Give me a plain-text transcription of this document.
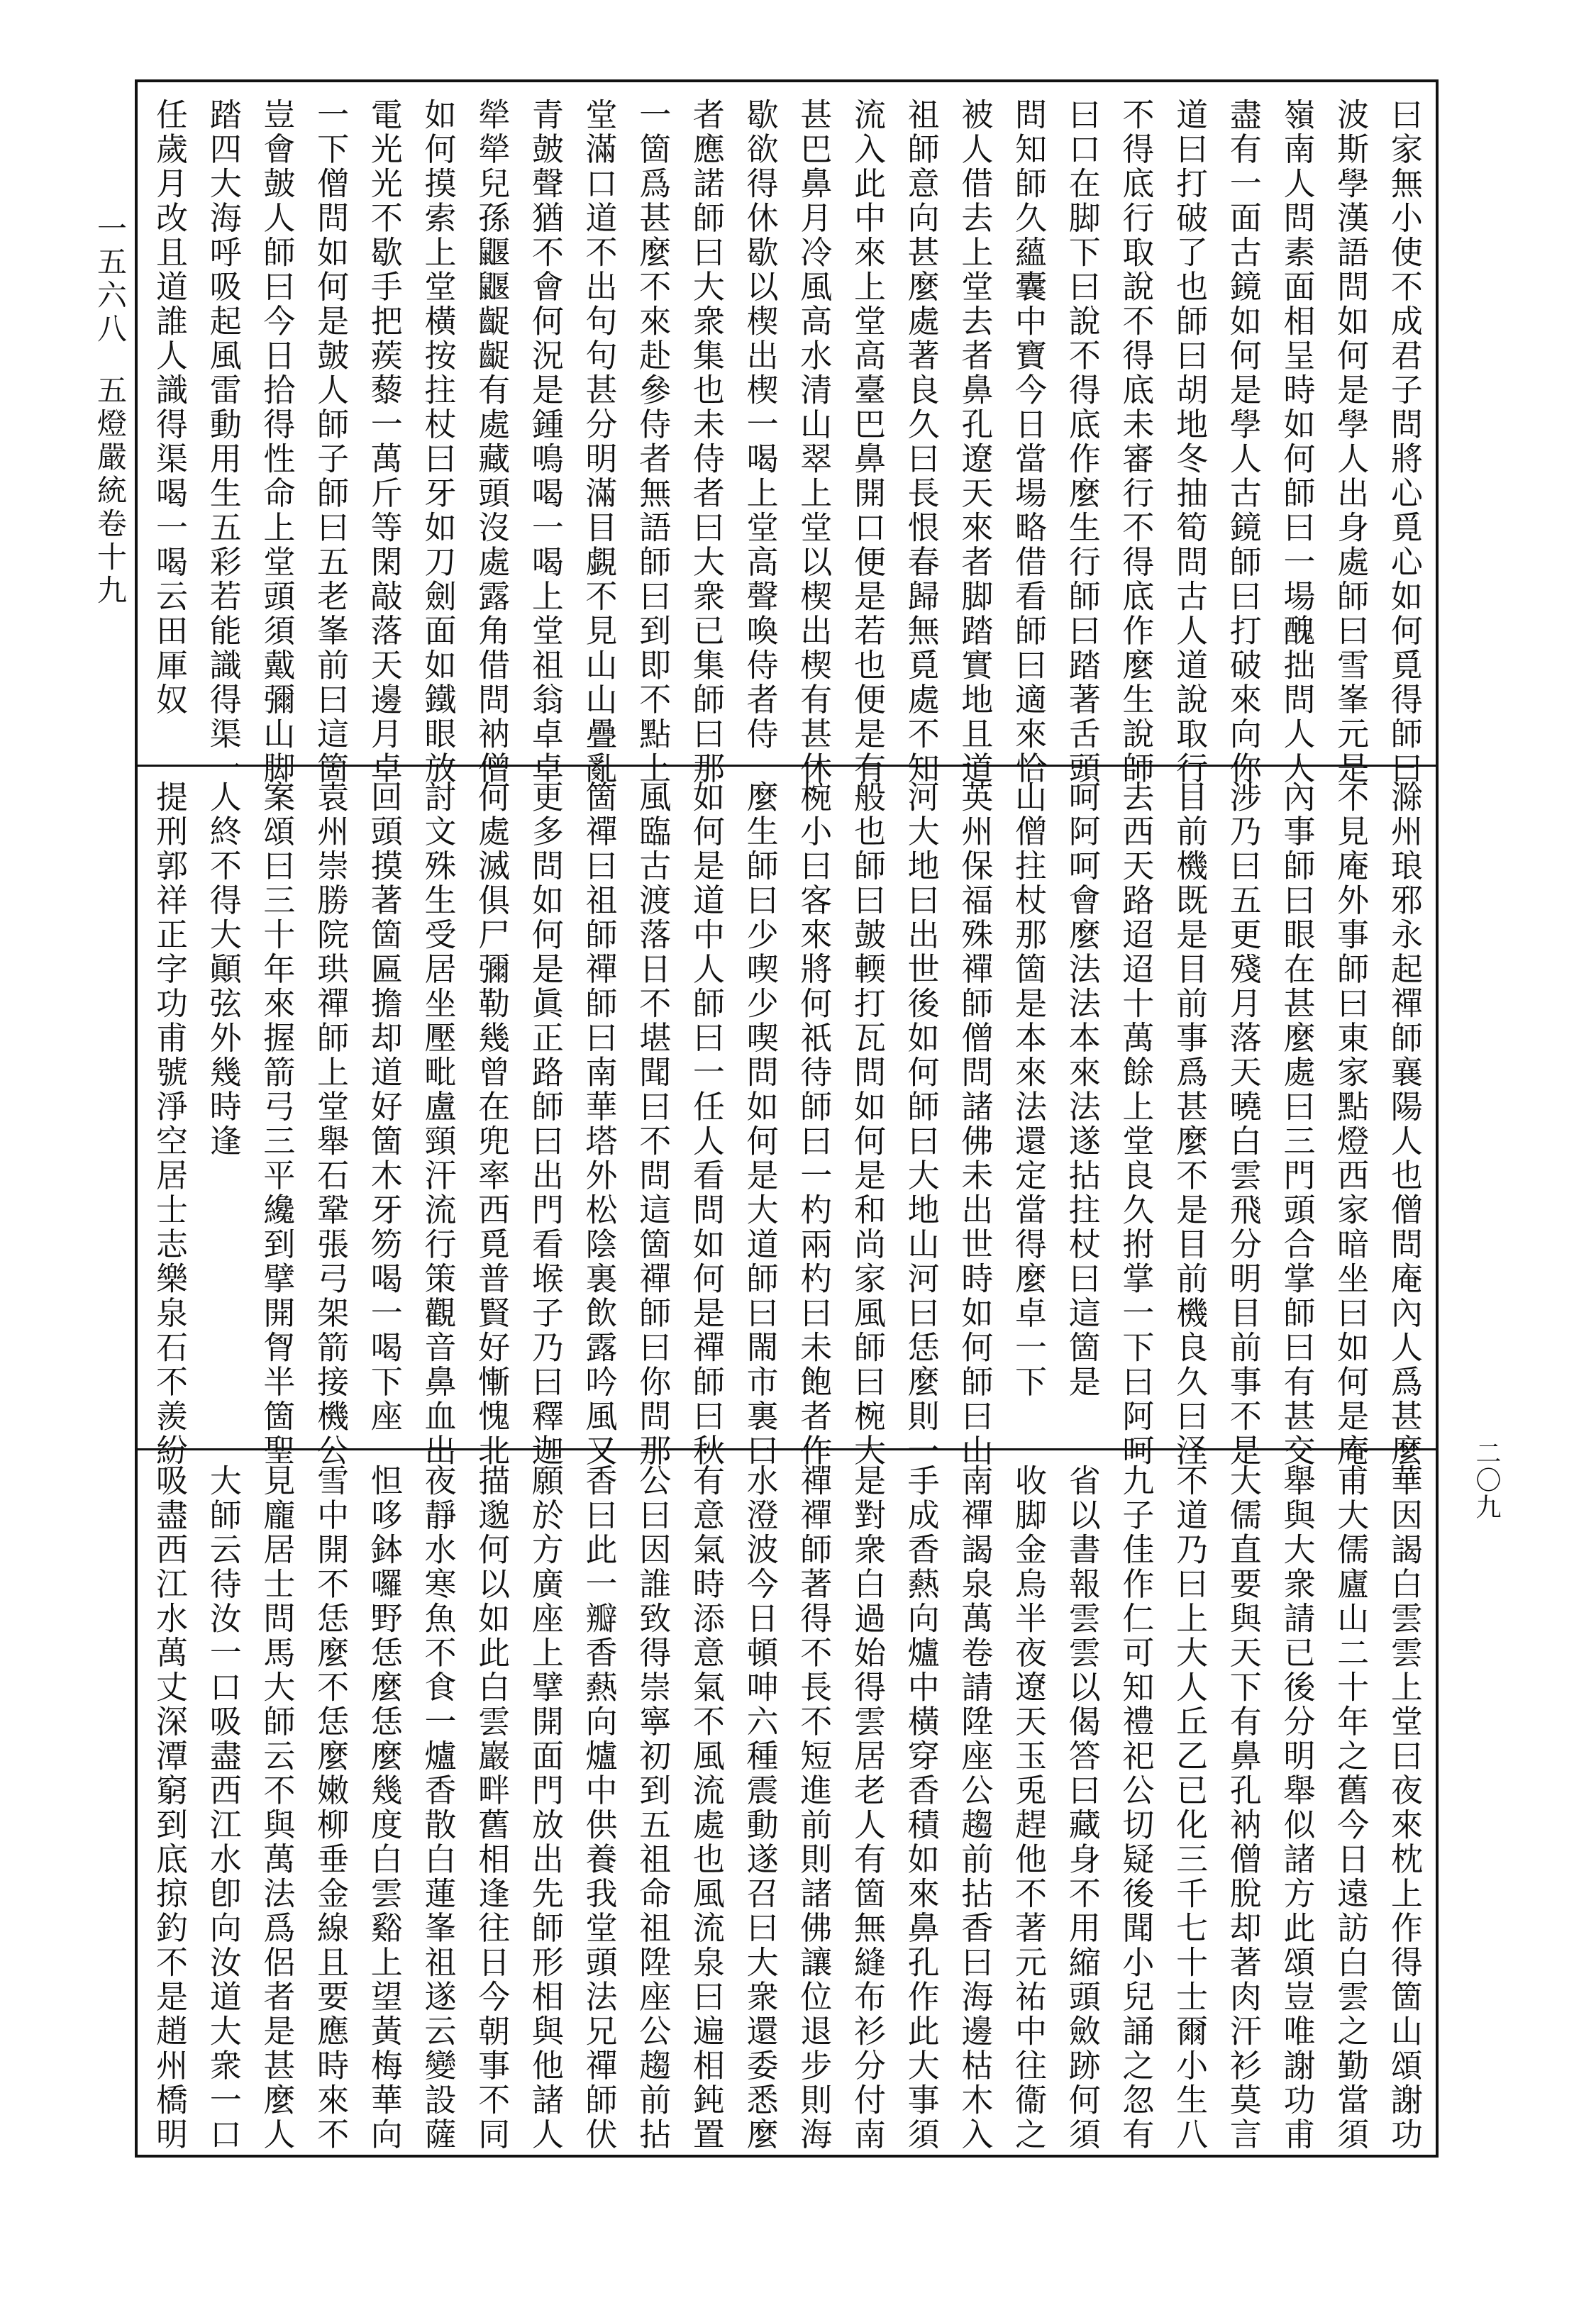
一五六八五燈嚴統卷十九	曰家無小使不成君子問將心覓心如何覓得師曰
波斯學漢語問如何是學人出身處師曰雪峯元是
嶺南人問素面相呈時如何師曰一場醜拙問人人
盡有一面古鏡如何是學人古鏡師曰打破來向你
道曰打破了也師曰胡地冬抽筍問古人道說取行
不得底行取說不得底未審行不得底作麼生說師
曰口在脚下曰說不得底作麼生行師曰踏著舌頭
問知師久蘊囊中寶今日當場略借看師曰適來恰
被人借去上堂去者鼻孔遼天來者脚踏實地且道
祖師意向甚麼處著良久曰長恨春歸無覓處不知
流入此中來上堂高臺巴鼻開口便是若也便是有
甚巴鼻月冷風高水清山翠上堂以楔出楔有甚休
歇欲得休歇以楔出楔一喝上堂高聲喚侍者侍
者應諾師曰大衆集也未侍者曰大衆已集師曰那
一箇爲甚麼不來赴參侍者無語師曰到即不點上
堂滿口道不出句句甚分明滿目覷不見山山疊亂
青皷聲猶不會何況是鍾鳴喝一喝上堂祖翁卓卓
犖犖兒孫鼴鼴齪齪有處藏頭沒處露角借問衲僧
如何摸索上堂橫按拄杖曰牙如刀劍面如鐵眼放
電光光不歇手把蒺藜一萬斤等閑敲落天邊月卓
一下僧問如何是皷人師子師曰五老峯前曰這箇
豈會皷人師曰今日拾得性命上堂頭須戴彌山脚
踏四大海呼吸起風雷動用生五彩若能識得渠一
任歲月改且道誰人識得渠喝一喝云田厙奴
滁州琅邪永起禪師襄陽人也僧問庵內人爲甚麼
不見庵外事師曰東家點燈西家暗坐曰如何是庵
內事師曰眼在甚麼處曰三門頭合掌師曰有甚交
涉乃曰五更殘月落天曉白雲飛分明目前事不是
目前機既是目前事爲甚麼不是目前機良久曰𣲾
去西天路迢迢十萬餘上堂良久拊掌一下曰阿呵
呵阿呵會麼法法本來法遂拈拄杖曰這箇是
山僧拄杖那箇是本來法還定當得麼卓一下
英州保福殊禪師僧問諸佛未出世時如何師曰山
河大地曰出世後如何師曰大地山河曰恁麼則一
般也師曰皷輭打瓦問如何是和尚家風師曰椀大
椀小曰客來將何祇待師曰一杓兩杓曰未飽者作
麼生師曰少喫少喫問如何是大道師曰閙市裏曰
如何是道中人師曰一任人看問如何是禪師曰秋
風臨古渡落日不堪聞曰不問這箇禪師曰你問那
箇禪曰祖師禪師曰南華塔外松陰裏飲露吟風又
更多問如何是眞正路師曰出門看堠子乃曰釋迦
何處滅俱尸彌勒幾曾在兜率西覓普賢好慚愧北
討文殊生受居坐壓毗盧頸汗流行策觀音鼻血出
回頭摸著箇匾擔却道好箇木牙笏喝一喝下座
袁州崇勝院珙禪師上堂舉石鞏張弓架箭接機公
案頌曰三十年來握箭弓三平纔到擘開胷半箇聖
人終不得大顚弦外幾時逢
提刑郭祥正字功甫號淨空居士志樂泉石不羨紛
華因謁白雲雲上堂曰夜來枕上作得箇山頌謝功
甫大儒廬山二十年之舊今日遠訪白雲之勤當須
舉與大衆請已後分明舉似諸方此頌豈唯謝功甫
大儒直要與天下有鼻孔衲僧脫却著肉汗衫莫言
不道乃曰上大人丘乙已化三千七十士爾小生八
九子佳作仁可知禮祀公切疑後聞小兒誦之忽有
省以書報雲雲以偈答曰藏身不用縮頭斂跡何須
收脚金烏半夜遼天玉兎趕他不著元祐中往衞之
南禪謁泉萬卷請陞座公趨前拈香曰海邊枯木入
手成香爇向爐中橫穿香積如來鼻孔作此大事須
是對衆白過始得雲居老人有箇無縫布衫分付南
禪禪師著得不長不短進前則諸佛讓位退步則海
水澄波今日頓呻六種震動遂召曰大衆還委悉麼
有意氣時添意氣不風流處也風流泉曰遍相鈍置
公曰因誰致得崇寧初到五祖命祖陞座公趨前拈
香曰此一瓣香爇向爐中供養我堂頭法兄禪師伏
願於方廣座上擘開面門放出先師形相與他諸人
描邈何以如此白雲巖畔舊相逢往日今朝事不同
夜靜水寒魚不食一爐香散白蓮峯祖遂云變設薩
怛哆鉢囉野恁麼恁麼幾度白雲谿上望黃梅華向
雪中開不恁麼不恁麼嫩柳垂金線且要應時來不
見龐居士問馬大師云不與萬法爲侶者是甚麼人
大師云待汝一口吸盡西江水卽向汝道大衆一口
吸盡西江水萬丈深潭窮到底掠釣不是趙州橋明	二〇九
